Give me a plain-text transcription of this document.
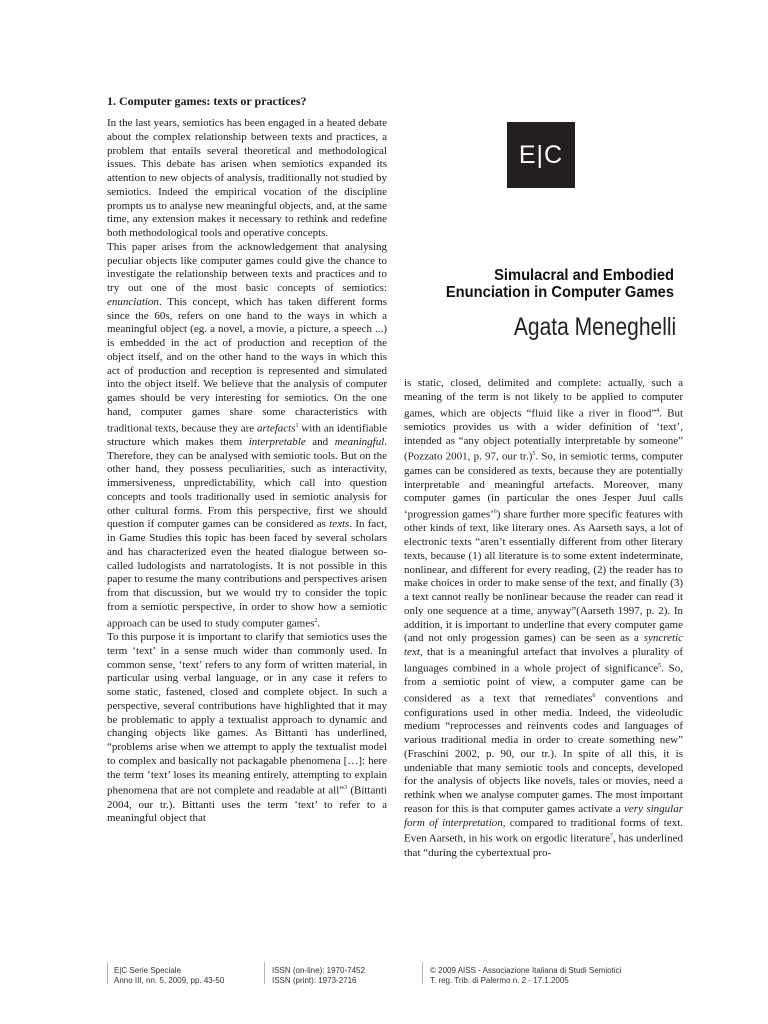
1. Computer games: texts or practices?

In the last years, semiotics has been engaged in a heated debate about the complex relationship between texts and practices, a problem that entails several theoretical and methodological issues. This debate has arisen when semiotics expanded its attention to new objects of analysis, traditionally not studied by semiotics. Indeed the empirical vocation of the discipline prompts us to analyse new meaningful objects, and, at the same time, any extension makes it necessary to rethink and redefine both methodological tools and operative concepts.

This paper arises from the acknowledgement that analysing peculiar objects like computer games could give the chance to investigate the relationship between texts and practices and to try out one of the most basic concepts of semiotics: enunciation. This concept, which has taken different forms since the 60s, refers on one hand to the ways in which a meaningful object (eg. a novel, a movie, a picture, a speech ...) is embedded in the act of production and reception of the object itself, and on the other hand to the ways in which this act of production and reception is represented and simulated into the object itself. We believe that the analysis of computer games should be very interesting for semiotics. On the one hand, computer games share some characteristics with traditional texts, because they are artefacts$^1$ with an identifiable structure which makes them interpretable and meaningful. Therefore, they can be analysed with semiotic tools. But on the other hand, they possess peculiarities, such as interactivity, immersiveness, unpredictability, which call into question concepts and tools traditionally used in semiotic analysis for other cultural forms. From this perspective, first we should question if computer games can be considered as texts. In fact, in Game Studies this topic has been faced by several scholars and has characterized even the heated dialogue between so-called ludologists and narratologists. It is not possible in this paper to resume the many contributions and perspectives arisen from that discussion, but we would try to consider the topic from a semiotic perspective, in order to show how a semiotic approach can be used to study computer games$^2$.

To this purpose it is important to clarify that semiotics uses the term ‘text’ in a sense much wider than commonly used. In common sense, ‘text’ refers to any form of written material, in particular using verbal language, or in any case it refers to some static, fastened, closed and complete object. In such a perspective, several contributions have highlighted that it may be problematic to apply a textualist approach to dynamic and changing objects like games. As Bittanti has underlined, “problems arise when we attempt to apply the textualist model to complex and basically not packagable phenomena […]: here the term ‘text’ loses its meaning entirely, attempting to explain phenomena that are not complete and readable at all”$^3$ (Bittanti 2004, our tr.). Bittanti uses the term ‘text’ to refer to a meaningful object that

E|C
Simulacral and Embodied
Enunciation in Computer Games
Agata Meneghelli

is static, closed, delimited and complete: actually, such a meaning of the term is not likely to be applied to computer games, which are objects “fluid like a river in flood”$^4$. But semiotics provides us with a wider definition of ‘text’, intended as “any object potentially interpretable by someone” (Pozzato 2001, p. 97, our tr.)$^5$. So, in semiotic terms, computer games can be considered as texts, because they are potentially interpretable and meaningful artefacts. Moreover, many computer games (in particular the ones Jesper Juul calls ‘progression games’$^6$) share further more specific features with other kinds of text, like literary ones. As Aarseth says, a lot of electronic texts “aren’t essentially different from other literary texts, because (1) all literature is to some extent indeterminate, nonlinear, and different for every reading, (2) the reader has to make choices in order to make sense of the text, and finally (3) a text cannot really be nonlinear because the reader can read it only one sequence at a time, anyway”(Aarseth 1997, p. 2). In addition, it is important to underline that every computer game (and not only progession games) can be seen as a syncretic text, that is a meaningful artefact that involves a plurality of languages combined in a whole project of significance$^5$. So, from a semiotic point of view, a computer game can be considered as a text that remediates$^6$ conventions and configurations used in other media. Indeed, the videoludic medium “reprocesses and reinvents codes and languages of various traditional media in order to create something new” (Fraschini 2002, p. 90, our tr.). In spite of all this, it is undeniable that many semiotic tools and concepts, developed for the analysis of objects like novels, tales or movies, need a rethink when we analyse computer games. The most important reason for this is that computer games activate a very singular form of interpretation, compared to traditional forms of text. Even Aarseth, in his work on ergodic literature$^7$, has underlined that “during the cybertextual pro-

E|C Serie Speciale
Anno III, nn. 5, 2009, pp. 43-50
ISSN (on-line): 1970-7452
ISSN (print): 1973-2716
© 2009 AISS - Associazione Italiana di Studi Semiotici
T. reg. Trib. di Palermo n. 2 - 17.1.2005
